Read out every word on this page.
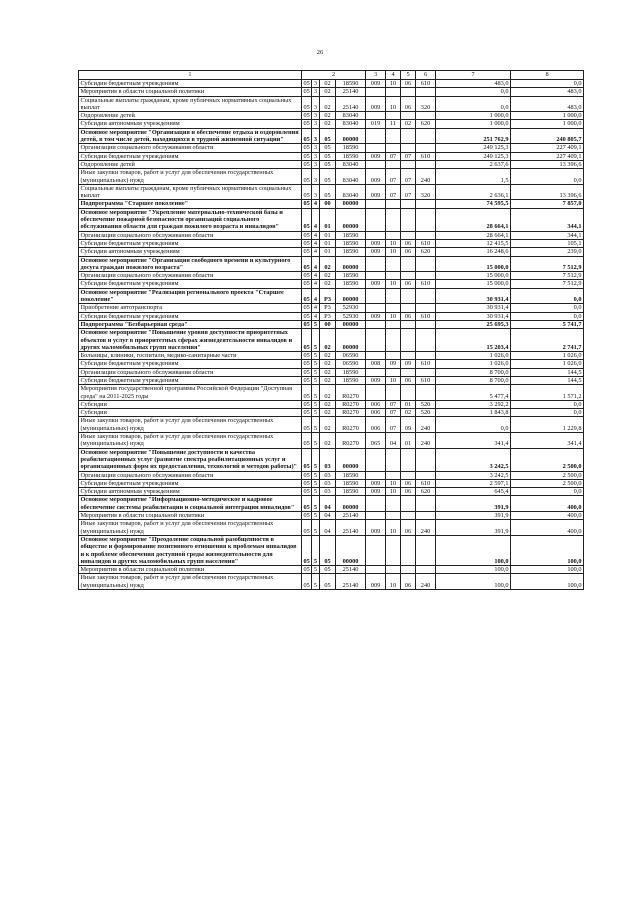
26
1	2				3	4	5	6	7	8
Субсидии бюджетным учреждениям	05	3	02	18590	009	10	06	610	483,0	0,0
Мероприятия в области социальной политики	05	3	02	25140					0,0	483,0
Социальные выплаты гражданам, кроме публичных нормативных социальных выплат	05	3	02	25140	009	10	06	320	0,0	483,0
Оздоровление детей	05	3	02	83040					1 000,0	1 000,0
Субсидии автономным учреждениям	05	3	02	83040	019	11	02	620	1 000,0	1 000,0
Основное мероприятие "Организация и обеспечение отдыха и оздоровления детей, в том числе детей, находящихся в трудной жизненной ситуации"	05	3	05	00000					251 762,9	240 805,7
Организации социального обслуживания области	05	3	05	18590					249 125,3	227 409,1
Субсидии бюджетным учреждениям	05	3	05	18590	009	07	07	610	249 125,3	227 409,1
Оздоровление детей	05	3	05	83040					2 637,6	13 396,6
Иные закупки товаров, работ и услуг для обеспечения государственных (муниципальных) нужд	05	3	05	83040	009	07	07	240	1,5	0,0
Социальные выплаты гражданам, кроме публичных нормативных социальных выплат	05	3	05	83040	009	07	07	320	2 636,1	13 396,6
Подпрограмма "Старшее поколение"	05	4	00	00000					74 595,5	7 857,0
Основное мероприятие "Укрепление материально-технической базы и обеспечение пожарной безопасности организаций социального обслуживания области для граждан пожилого возраста и инвалидов"	05	4	01	00000					28 664,1	344,1
Организации социального обслуживания области	05	4	01	18590					28 664,1	344,1
Субсидии бюджетным учреждениям	05	4	01	18590	009	10	06	610	12 415,5	105,1
Субсидии автономным учреждениям	05	4	01	18590	009	10	06	620	16 248,6	239,0
Основное мероприятие "Организация свободного времени и культурного досуга граждан пожилого возраста"	05	4	02	00000					15 000,0	7 512,9
Организации социального обслуживания области	05	4	02	18590					15 000,0	7 512,9
Субсидии бюджетным учреждениям	05	4	02	18590	009	10	06	610	15 000,0	7 512,9
Основное мероприятие "Реализация регионального проекта "Старшее поколение"	05	4	P3	00000					30 931,4	0,0
Приобретение автотранспорта	05	4	P3	52930					30 931,4	0,0
Субсидии бюджетным учреждениям	05	4	P3	52930	009	10	06	610	30 931,4	0,0
Подпрограмма "Безбарьерная среда"	05	5	00	00000					25 695,3	5 741,7
Основное мероприятие "Повышение уровня доступности приоритетных объектов и услуг в приоритетных сферах жизнедеятельности инвалидов и других маломобильных групп населения"	05	5	02	00000					15 203,4	2 741,7
Больницы, клиники, госпитали, медико-санитарные части	05	5	02	06590					1 026,0	1 026,0
Субсидии бюджетным учреждениям	05	5	02	06590	008	09	09	610	1 026,0	1 026,0
Организации социального обслуживания области	05	5	02	18590					8 700,0	144,5
Субсидии бюджетным учреждениям	05	5	02	18590	009	10	06	610	8 700,0	144,5
Мероприятия государственной программы Российской Федерации "Доступная среда" на 2011-2025 годы	05	5	02	R0270					5 477,4	1 571,2
Субсидии	05	5	02	R0270	006	07	01	520	3 292,2	0,0
Субсидии	05	5	02	R0270	006	07	02	520	1 843,8	0,0
Иные закупки товаров, работ и услуг для обеспечения государственных (муниципальных) нужд	05	5	02	R0270	006	07	09	240	0,0	1 229,8
Иные закупки товаров, работ и услуг для обеспечения государственных (муниципальных) нужд	05	5	02	R0270	065	04	01	240	341,4	341,4
Основное мероприятие "Повышение доступности и качества реабилитационных услуг (развитие спектра реабилитационных услуг и организационных форм их предоставления, технологий и методов работы)"	05	5	03	00000					3 242,5	2 500,0
Организации социального обслуживания области	05	5	03	18590					3 242,5	2 500,0
Субсидии бюджетным учреждениям	05	5	03	18590	009	10	06	610	2 597,1	2 500,0
Субсидии автономным учреждениям	05	5	03	18590	009	10	06	620	645,4	0,0
Основное мероприятие "Информационно-методическое и кадровое обеспечение системы реабилитации и социальной интеграции инвалидов"	05	5	04	00000					391,9	400,0
Мероприятия в области социальной политики	05	5	04	25140					391,9	400,0
Иные закупки товаров, работ и услуг для обеспечения государственных (муниципальных) нужд	05	5	04	25140	009	10	06	240	391,9	400,0
Основное мероприятие "Преодоление социальной разобщенности в обществе и формирование позитивного отношения к проблемам инвалидов и к проблеме обеспечения доступной среды жизнедеятельности для инвалидов и других маломобильных групп населения"	05	5	05	00000					100,0	100,0
Мероприятия в области социальной политики	05	5	05	25140					100,0	100,0
Иные закупки товаров, работ и услуг для обеспечения государственных (муниципальных) нужд	05	5	05	25140	009	10	06	240	100,0	100,0
